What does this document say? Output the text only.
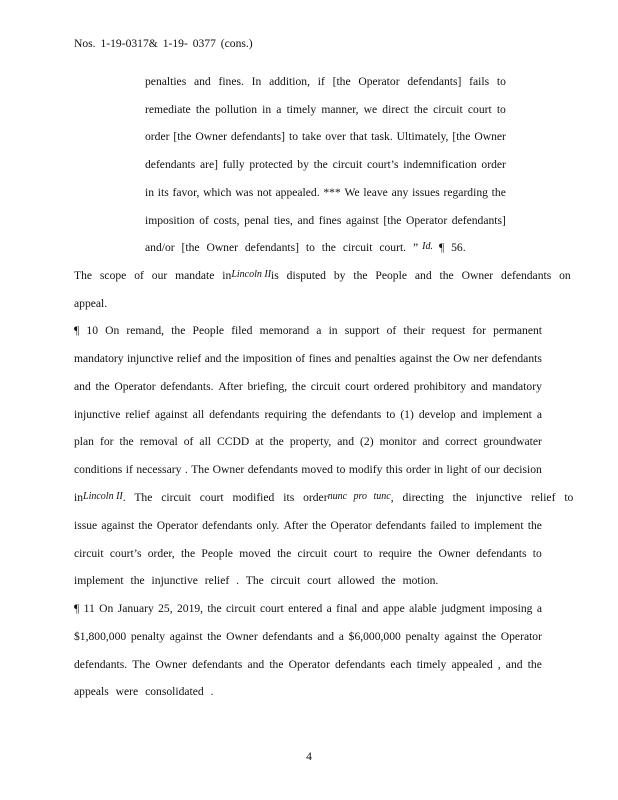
Nos. 1-19-0317& 1-19- 0377 (cons.)
penalties and fines. In addition, if [the Operator defendants] fails to
remediate the pollution in a timely manner, we direct the circuit court to
order [the Owner defendants] to take over that task. Ultimately, [the Owner
defendants are] fully protected by the circuit court’s indemnification order
in its favor, which was not appealed. *** We leave any issues regarding the
imposition of costs, penal ties, and fines against [the Operator defendants]
and/or [the Owner defendants] to the circuit court. ” Id. ¶ 56.
The scope of our mandate in Lincoln II is disputed by the People and the Owner defendants on
appeal.
¶ 10 On remand, the People filed memorand a in support of their request for permanent
mandatory injunctive relief and the imposition of fines and penalties against the Ow ner defendants
and the Operator defendants. After briefing, the circuit court ordered prohibitory and mandatory
injunctive relief against all defendants requiring the defendants to (1) develop and implement a
plan for the removal of all CCDD at the property, and (2) monitor and correct groundwater
conditions if necessary . The Owner defendants moved to modify this order in light of our decision
in Lincoln II . The circuit court modified its order nunc pro tunc , directing the injunctive relief to
issue against the Operator defendants only. After the Operator defendants failed to implement the
circuit court’s order, the People moved the circuit court to require the Owner defendants to
implement the injunctive relief . The circuit court allowed the motion.
¶ 11 On January 25, 2019, the circuit court entered a final and appe alable judgment imposing a
$1,800,000 penalty against the Owner defendants and a $6,000,000 penalty against the Operator
defendants. The Owner defendants and the Operator defendants each timely appealed , and the
appeals were consolidated .
4
